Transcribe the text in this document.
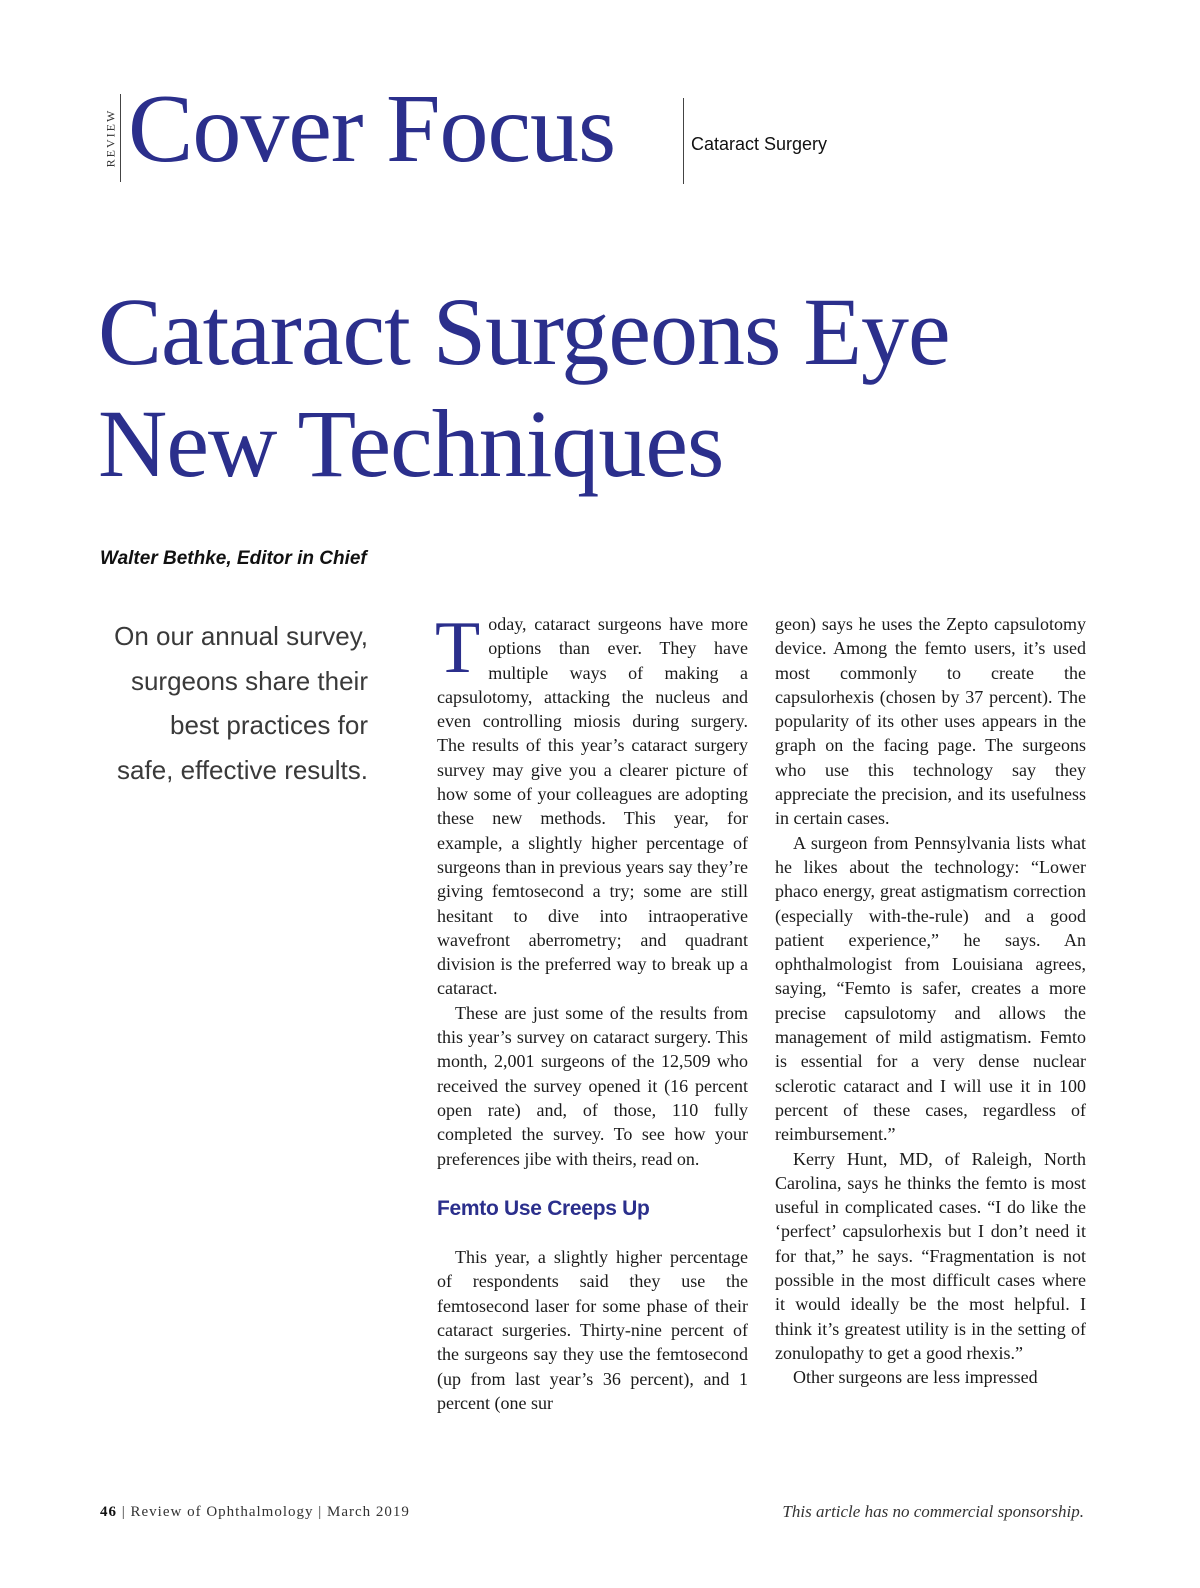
REVIEW Cover Focus	Cataract Surgery
Cataract Surgeons Eye
New Techniques
Walter Bethke, Editor in Chief

On our annual survey, surgeons share their best practices for safe, effective results.

Today, cataract surgeons have more options than ever. They have multiple ways of making a capsulotomy, attacking the nucleus and even controlling miosis during surgery. The results of this year’s cataract surgery survey may give you a clearer picture of how some of your colleagues are adopting these new methods. This year, for example, a slightly higher percentage of surgeons than in previous years say they’re giving femtosecond a try; some are still hesitant to dive into intraoperative wavefront aberrometry; and quadrant division is the preferred way to break up a cataract.

These are just some of the results from this year’s survey on cataract surgery. This month, 2,001 surgeons of the 12,509 who received the survey opened it (16 percent open rate) and, of those, 110 fully completed the survey. To see how your preferences jibe with theirs, read on.

Femto Use Creeps Up

This year, a slightly higher percentage of respondents said they use the femtosecond laser for some phase of their cataract surgeries. Thirty-nine percent of the surgeons say they use the femtosecond (up from last year’s 36 percent), and 1 percent (one sur

geon) says he uses the Zepto capsulotomy device. Among the femto users, it’s used most commonly to create the capsulorhexis (chosen by 37 percent). The popularity of its other uses appears in the graph on the facing page. The surgeons who use this technology say they appreciate the precision, and its usefulness in certain cases.

A surgeon from Pennsylvania lists what he likes about the technology: “Lower phaco energy, great astigmatism correction (especially with-the-rule) and a good patient experience,” he says. An ophthalmologist from Louisiana agrees, saying, “Femto is safer, creates a more precise capsulotomy and allows the management of mild astigmatism. Femto is essential for a very dense nuclear sclerotic cataract and I will use it in 100 percent of these cases, regardless of reimbursement.”

Kerry Hunt, MD, of Raleigh, North Carolina, says he thinks the femto is most useful in complicated cases. “I do like the ‘perfect’ capsulorhexis but I don’t need it for that,” he says. “Fragmentation is not possible in the most difficult cases where it would ideally be the most helpful. I think it’s greatest utility is in the setting of zonulopathy to get a good rhexis.”

Other surgeons are less impressed

46 | Review of Ophthalmology | March 2019	This article has no commercial sponsorship.
